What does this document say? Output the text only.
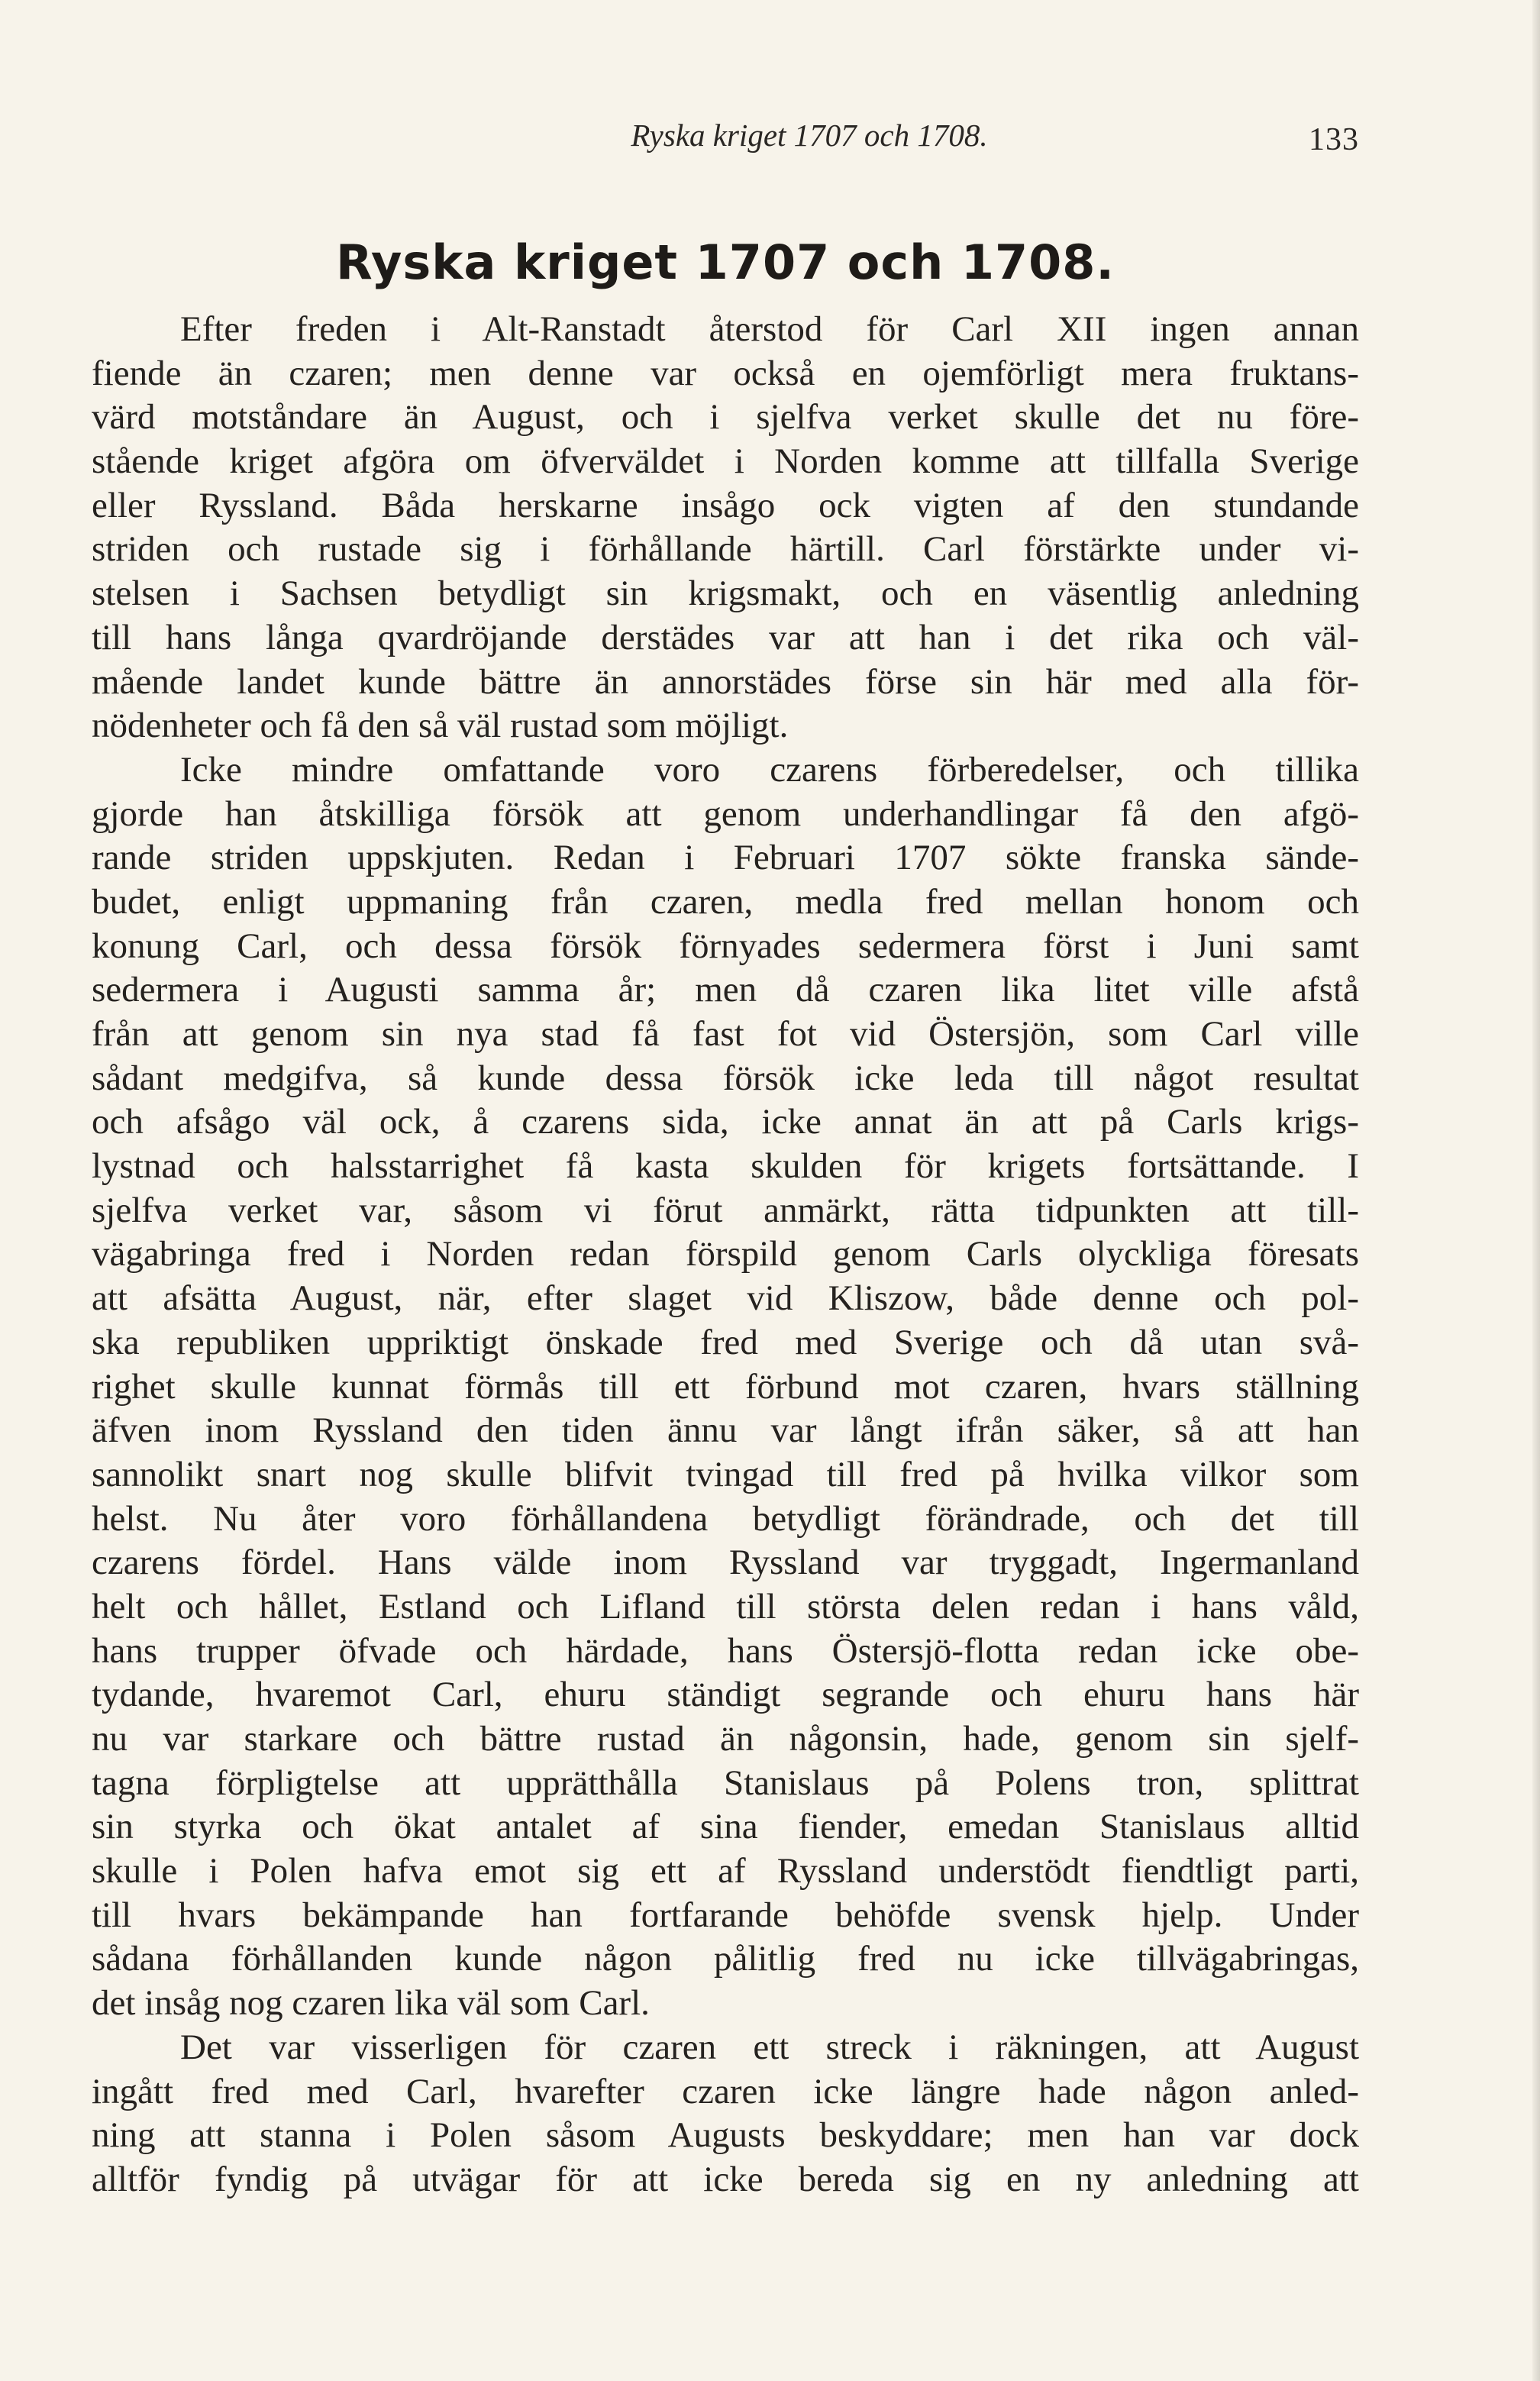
Ryska kriget 1707 och 1708.	133
Ryska kriget 1707 och 1708.
Efter freden i Alt-Ranstadt återstod för Carl XII ingen annan
fiende än czaren; men denne var också en ojemförligt mera fruktans-
värd motståndare än August, och i sjelfva verket skulle det nu före-
stående kriget afgöra om öfverväldet i Norden komme att tillfalla Sverige
eller Ryssland. Båda herskarne insågo ock vigten af den stundande
striden och rustade sig i förhållande härtill. Carl förstärkte under vi-
stelsen i Sachsen betydligt sin krigsmakt, och en väsentlig anledning
till hans långa qvardröjande derstädes var att han i det rika och väl-
mående landet kunde bättre än annorstädes förse sin här med alla för-
nödenheter och få den så väl rustad som möjligt.
Icke mindre omfattande voro czarens förberedelser, och tillika
gjorde han åtskilliga försök att genom underhandlingar få den afgö-
rande striden uppskjuten. Redan i Februari 1707 sökte franska sände-
budet, enligt uppmaning från czaren, medla fred mellan honom och
konung Carl, och dessa försök förnyades sedermera först i Juni samt
sedermera i Augusti samma år; men då czaren lika litet ville afstå
från att genom sin nya stad få fast fot vid Östersjön, som Carl ville
sådant medgifva, så kunde dessa försök icke leda till något resultat
och afsågo väl ock, å czarens sida, icke annat än att på Carls krigs-
lystnad och halsstarrighet få kasta skulden för krigets fortsättande. I
sjelfva verket var, såsom vi förut anmärkt, rätta tidpunkten att till-
vägabringa fred i Norden redan förspild genom Carls olyckliga föresats
att afsätta August, när, efter slaget vid Kliszow, både denne och pol-
ska republiken uppriktigt önskade fred med Sverige och då utan svå-
righet skulle kunnat förmås till ett förbund mot czaren, hvars ställning
äfven inom Ryssland den tiden ännu var långt ifrån säker, så att han
sannolikt snart nog skulle blifvit tvingad till fred på hvilka vilkor som
helst. Nu åter voro förhållandena betydligt förändrade, och det till
czarens fördel. Hans välde inom Ryssland var tryggadt, Ingermanland
helt och hållet, Estland och Lifland till största delen redan i hans våld,
hans trupper öfvade och härdade, hans Östersjö-flotta redan icke obe-
tydande, hvaremot Carl, ehuru ständigt segrande och ehuru hans här
nu var starkare och bättre rustad än någonsin, hade, genom sin sjelf-
tagna förpligtelse att upprätthålla Stanislaus på Polens tron, splittrat
sin styrka och ökat antalet af sina fiender, emedan Stanislaus alltid
skulle i Polen hafva emot sig ett af Ryssland understödt fiendtligt parti,
till hvars bekämpande han fortfarande behöfde svensk hjelp. Under
sådana förhållanden kunde någon pålitlig fred nu icke tillvägabringas,
det insåg nog czaren lika väl som Carl.
Det var visserligen för czaren ett streck i räkningen, att August
ingått fred med Carl, hvarefter czaren icke längre hade någon anled-
ning att stanna i Polen såsom Augusts beskyddare; men han var dock
alltför fyndig på utvägar för att icke bereda sig en ny anledning att
